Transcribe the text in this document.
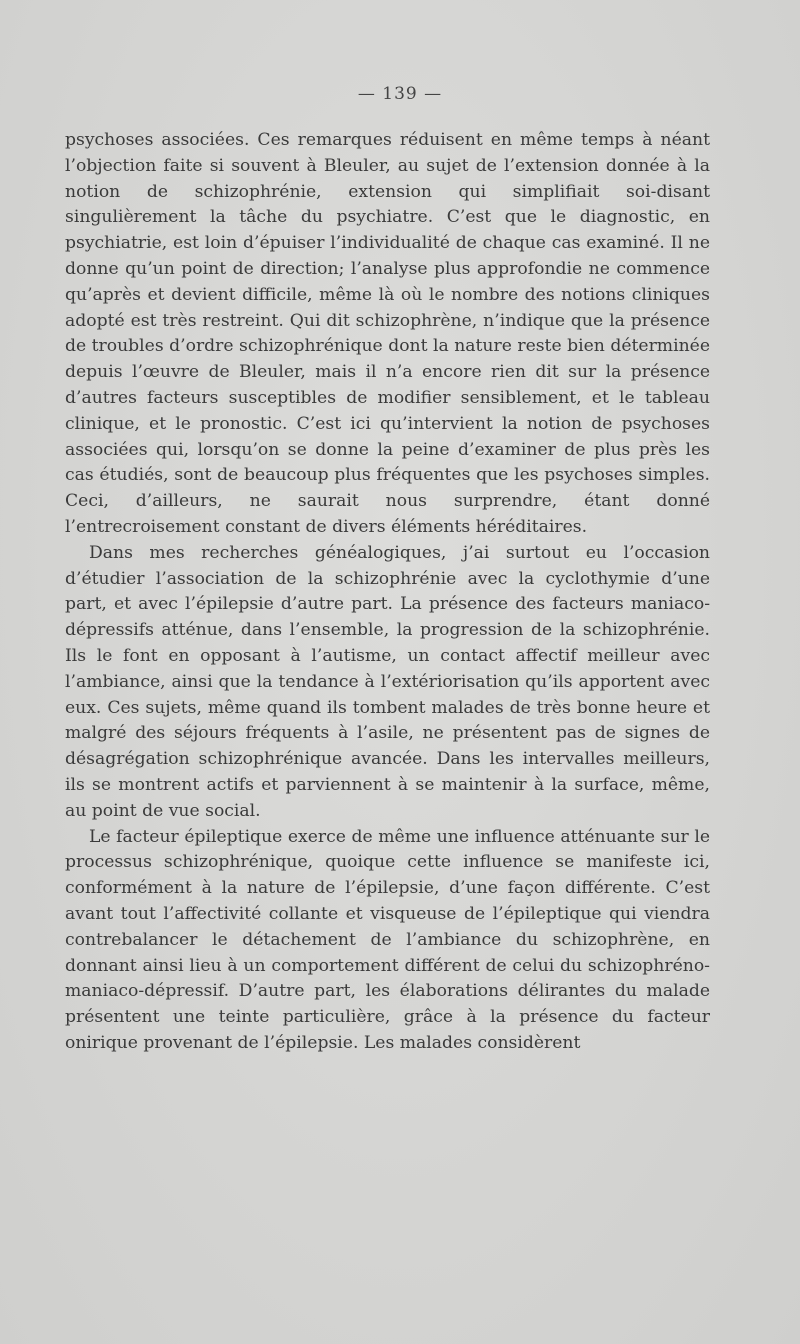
— 139 —

psychoses associées. Ces remarques réduisent en même temps à néant l’objection faite si souvent à Bleuler, au sujet de l’extension donnée à la notion de schizophrénie, extension qui simplifiait soi-disant singulièrement la tâche du psychiatre. C’est que le diagnostic, en psychiatrie, est loin d’épuiser l’individualité de chaque cas examiné. Il ne donne qu’un point de direction; l’analyse plus approfondie ne commence qu’après et devient difficile, même là où le nombre des notions cliniques adopté est très restreint. Qui dit schizophrène, n’indique que la présence de troubles d’ordre schizophrénique dont la nature reste bien déterminée depuis l’œuvre de Bleuler, mais il n’a encore rien dit sur la présence d’autres facteurs susceptibles de modifier sensiblement, et le tableau clinique, et le pronostic. C’est ici qu’intervient la notion de psychoses associées qui, lorsqu’on se donne la peine d’examiner de plus près les cas étudiés, sont de beaucoup plus fréquentes que les psychoses simples. Ceci, d’ailleurs, ne saurait nous surprendre, étant donné l’entrecroisement constant de divers éléments héréditaires.

Dans mes recherches généalogiques, j’ai surtout eu l’occasion d’étudier l’association de la schizophrénie avec la cyclothymie d’une part, et avec l’épilepsie d’autre part. La présence des facteurs maniaco-dépressifs atténue, dans l’ensemble, la progression de la schizophrénie. Ils le font en opposant à l’autisme, un contact affectif meilleur avec l’ambiance, ainsi que la tendance à l’extériorisation qu’ils apportent avec eux. Ces sujets, même quand ils tombent malades de très bonne heure et malgré des séjours fréquents à l’asile, ne présentent pas de signes de désagrégation schizophrénique avancée. Dans les intervalles meilleurs, ils se montrent actifs et parviennent à se maintenir à la surface, même, au point de vue social.

Le facteur épileptique exerce de même une influence atténuante sur le processus schizophrénique, quoique cette influence se manifeste ici, conformément à la nature de l’épilepsie, d’une façon différente. C’est avant tout l’affectivité collante et visqueuse de l’épileptique qui viendra contrebalancer le détachement de l’ambiance du schizophrène, en donnant ainsi lieu à un comportement différent de celui du schizophréno-maniaco-dépressif. D’autre part, les élaborations délirantes du malade présentent une teinte particulière, grâce à la présence du facteur onirique provenant de l’épilepsie. Les malades considèrent
